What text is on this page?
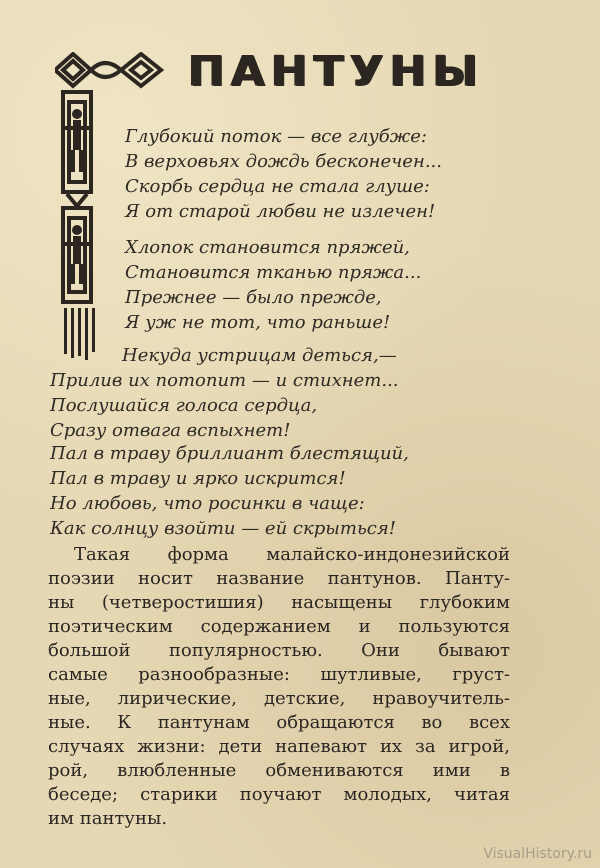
ПАНТУНЫ
Глубокий поток — все глубже:
В верховьях дождь бесконечен...
Скорбь сердца не стала глуше:
Я от старой любви не излечен!
Хлопок становится пряжей,
Становится тканью пряжа...
Прежнее — было прежде,
Я уж не тот, что раньше!
Некуда устрицам деться,—
Прилив их потопит — и стихнет...
Послушайся голоса сердца,
Сразу отвага вспыхнет!
Пал в траву бриллиант блестящий,
Пал в траву и ярко искрится!
Но любовь, что росинки в чаще:
Как солнцу взойти — ей скрыться!

Такая форма малайско-индонезийской
поэзии носит название пантунов. Панту-
ны (четверостишия) насыщены глубоким
поэтическим содержанием и пользуются
большой популярностью. Они бывают
самые разнообразные: шутливые, груст-
ные, лирические, детские, нравоучитель-
ные. К пантунам обращаются во всех
случаях жизни: дети напевают их за игрой,
рой, влюбленные обмениваются ими в
беседе; старики поучают молодых, читая
им пантуны.

VisualHistory.ru
